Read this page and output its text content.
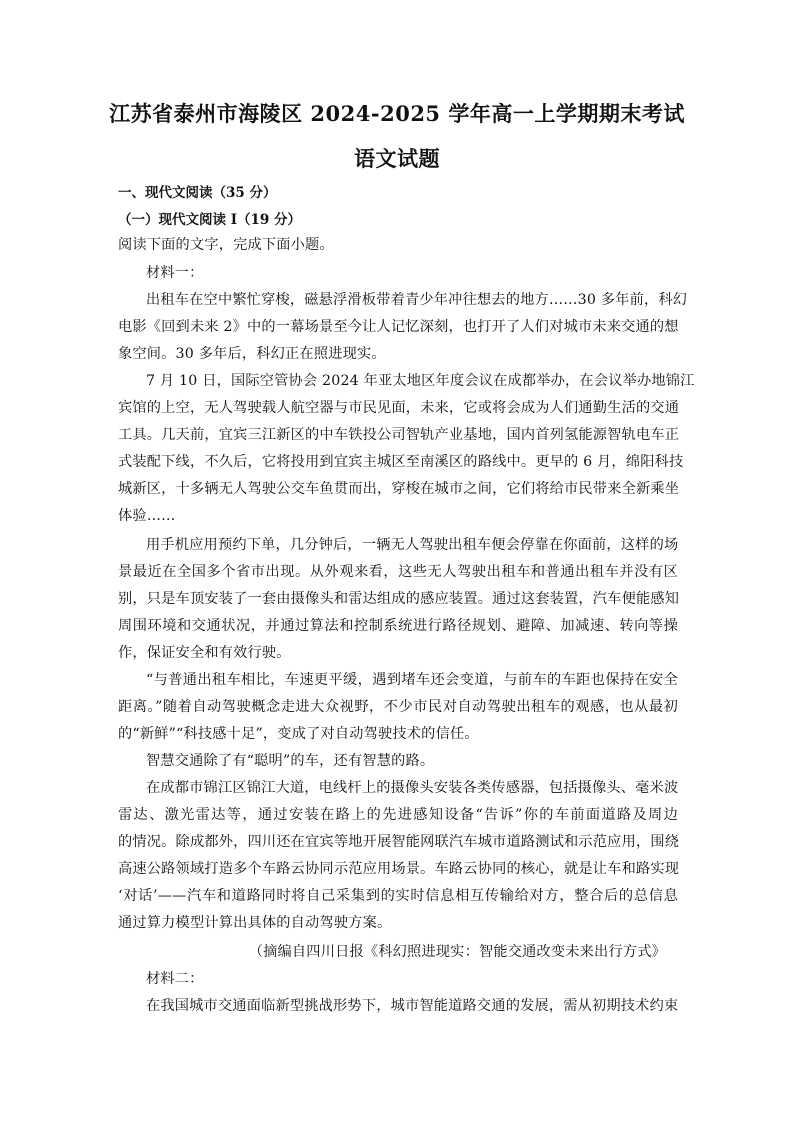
江苏省泰州市海陵区 2024-2025 学年高一上学期期末考试
语文试题
一、现代文阅读（35 分）
（一）现代文阅读 I（19 分）
阅读下面的文字，完成下面小题。
材料一：
出租车在空中繁忙穿梭，磁悬浮滑板带着青少年冲往想去的地方……30 多年前，科幻
电影《回到未来 2》中的一幕场景至今让人记忆深刻，也打开了人们对城市未来交通的想
象空间。30 多年后，科幻正在照进现实。
7 月 10 日，国际空管协会 2024 年亚太地区年度会议在成都举办，在会议举办地锦江
宾馆的上空，无人驾驶载人航空器与市民见面，未来，它或将会成为人们通勤生活的交通
工具。几天前，宜宾三江新区的中车铁投公司智轨产业基地，国内首列氢能源智轨电车正
式装配下线，不久后，它将投用到宜宾主城区至南溪区的路线中。更早的 6 月，绵阳科技
城新区，十多辆无人驾驶公交车鱼贯而出，穿梭在城市之间，它们将给市民带来全新乘坐
体验……
用手机应用预约下单，几分钟后，一辆无人驾驶出租车便会停靠在你面前，这样的场
景最近在全国多个省市出现。从外观来看，这些无人驾驶出租车和普通出租车并没有区
别，只是车顶安装了一套由摄像头和雷达组成的感应装置。通过这套装置，汽车便能感知
周围环境和交通状况，并通过算法和控制系统进行路径规划、避障、加减速、转向等操
作，保证安全和有效行驶。
“与普通出租车相比，车速更平缓，遇到堵车还会变道，与前车的车距也保持在安全
距离。”随着自动驾驶概念走进大众视野，不少市民对自动驾驶出租车的观感，也从最初
的“新鲜”“科技感十足”，变成了对自动驾驶技术的信任。
智慧交通除了有“聪明”的车，还有智慧的路。
在成都市锦江区锦江大道，电线杆上的摄像头安装各类传感器，包括摄像头、毫米波
雷达、激光雷达等，通过安装在路上的先进感知设备“告诉”你的车前面道路及周边
的情况。除成都外，四川还在宜宾等地开展智能网联汽车城市道路测试和示范应用，围绕
高速公路领域打造多个车路云协同示范应用场景。车路云协同的核心，就是让车和路实现
‘对话’——汽车和道路同时将自己采集到的实时信息相互传输给对方，整合后的总信息
通过算力模型计算出具体的自动驾驶方案。
（摘编自四川日报《科幻照进现实：智能交通改变未来出行方式》
材料二：
在我国城市交通面临新型挑战形势下，城市智能道路交通的发展，需从初期技术约束
